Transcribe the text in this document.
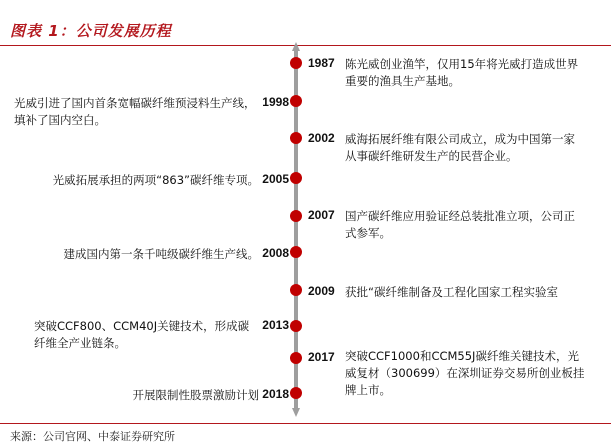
图表 1：公司发展历程
1987 陈光威创业渔竿，仅用15年将光威打造成世界重要的渔具生产基地。
1998
光威引进了国内首条宽幅碳纤维预浸料生产线，填补了国内空白。
2002 威海拓展纤维有限公司成立，成为中国第一家从事碳纤维研发生产的民营企业。
2005
光威拓展承担的两项“863”碳纤维专项。
2007 国产碳纤维应用验证经总装批准立项，公司正式参军。
2008
建成国内第一条千吨级碳纤维生产线。
2009 获批“碳纤维制备及工程化国家工程实验室
2013
突破CCF800、CCM40J关键技术，形成碳纤维全产业链条。
2017 突破CCF1000和CCM55J碳纤维关键技术，光威复材（300699）在深圳证券交易所创业板挂牌上市。
2018
开展限制性股票激励计划
来源：公司官网、中泰证券研究所
